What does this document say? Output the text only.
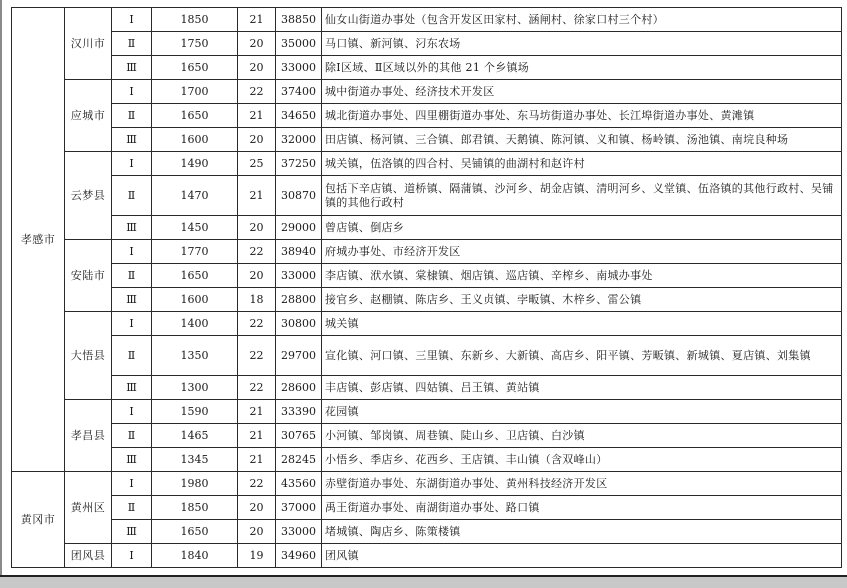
孝感市	汉川市	Ⅰ	1850	21	38850	仙女山街道办事处（包含开发区田家村、涵闸村、徐家口村三个村）
		Ⅱ	1750	20	35000	马口镇、新河镇、汈东农场
		Ⅲ	1650	20	33000	除Ⅰ区域、Ⅱ区域以外的其他 21 个乡镇场
	应城市	Ⅰ	1700	22	37400	城中街道办事处、经济技术开发区
		Ⅱ	1650	21	34650	城北街道办事处、四里棚街道办事处、东马坊街道办事处、长江埠街道办事处、黄滩镇
		Ⅲ	1600	20	32000	田店镇、杨河镇、三合镇、郎君镇、天鹅镇、陈河镇、义和镇、杨岭镇、汤池镇、南垸良种场
	云梦县	Ⅰ	1490	25	37250	城关镇，伍洛镇的四合村、吴铺镇的曲湖村和赵许村
		Ⅱ	1470	21	30870	包括下辛店镇、道桥镇、隔蒲镇、沙河乡、胡金店镇、清明河乡、义堂镇、伍洛镇的其他行政村、吴铺镇的其他行政村
		Ⅲ	1450	20	29000	曾店镇、倒店乡
	安陆市	Ⅰ	1770	22	38940	府城办事处、市经济开发区
		Ⅱ	1650	20	33000	李店镇、洑水镇、棠棣镇、烟店镇、巡店镇、辛榨乡、南城办事处
		Ⅲ	1600	18	28800	接官乡、赵棚镇、陈店乡、王义贞镇、孛畈镇、木梓乡、雷公镇
	大悟县	Ⅰ	1400	22	30800	城关镇
		Ⅱ	1350	22	29700	宣化镇、河口镇、三里镇、东新乡、大新镇、高店乡、阳平镇、芳畈镇、新城镇、夏店镇、刘集镇
		Ⅲ	1300	22	28600	丰店镇、彭店镇、四姑镇、吕王镇、黄站镇
	孝昌县	Ⅰ	1590	21	33390	花园镇
		Ⅱ	1465	21	30765	小河镇、邹岗镇、周巷镇、陡山乡、卫店镇、白沙镇
		Ⅲ	1345	21	28245	小悟乡、季店乡、花西乡、王店镇、丰山镇（含双峰山）
黄冈市	黄州区	Ⅰ	1980	22	43560	赤壁街道办事处、东湖街道办事处、黄州科技经济开发区
		Ⅱ	1850	20	37000	禹王街道办事处、南湖街道办事处、路口镇
		Ⅲ	1650	20	33000	堵城镇、陶店乡、陈策楼镇
	团风县	Ⅰ	1840	19	34960	团风镇
